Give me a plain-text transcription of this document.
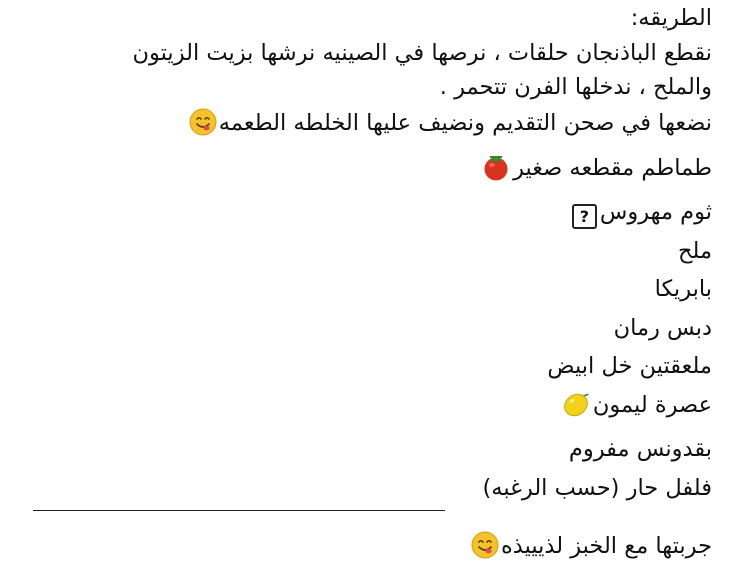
الطريقه:
نقطع الباذنجان حلقات ، نرصها في الصينيه نرشها بزيت الزيتون
والملح ، ندخلها الفرن تتحمر .
نضعها في صحن التقديم ونضيف عليها الخلطه الطعمه
طماطم مقطعه صغير
ثوم مهروس?
ملح
بابريكا
دبس رمان
ملعقتين خل ابيض
عصرة ليمون
بقدونس مفروم
فلفل حار (حسب الرغبه)
جربتها مع الخبز لذيييذه
